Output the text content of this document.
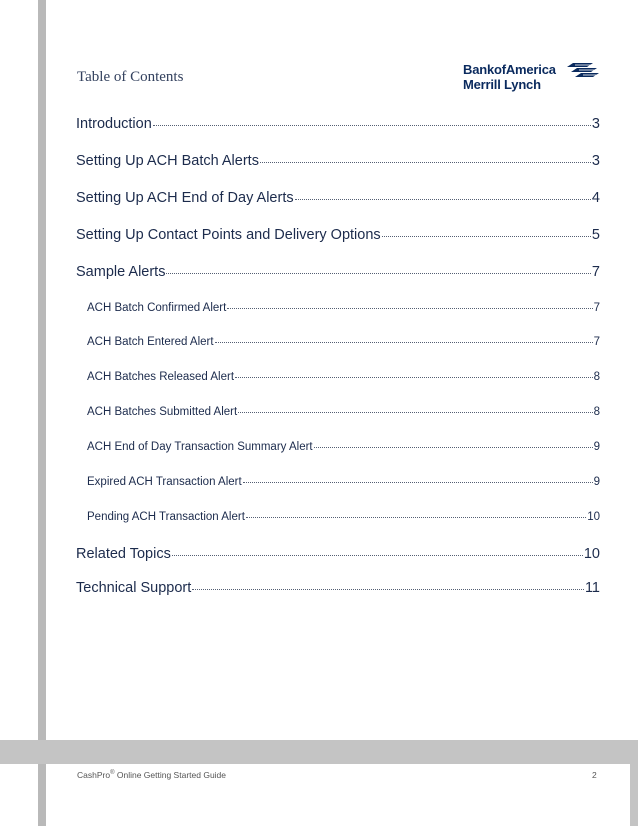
Table of Contents	BankofAmerica
Merrill Lynch
Introduction	3
Setting Up ACH Batch Alerts	3
Setting Up ACH End of Day Alerts	4
Setting Up Contact Points and Delivery Options	5
Sample Alerts	7
ACH Batch Confirmed Alert	7
ACH Batch Entered Alert	7
ACH Batches Released Alert	8
ACH Batches Submitted Alert	8
ACH End of Day Transaction Summary Alert	9
Expired ACH Transaction Alert	9
Pending ACH Transaction Alert	10
Related Topics	10
Technical Support	11
CashPro® Online Getting Started Guide	2
